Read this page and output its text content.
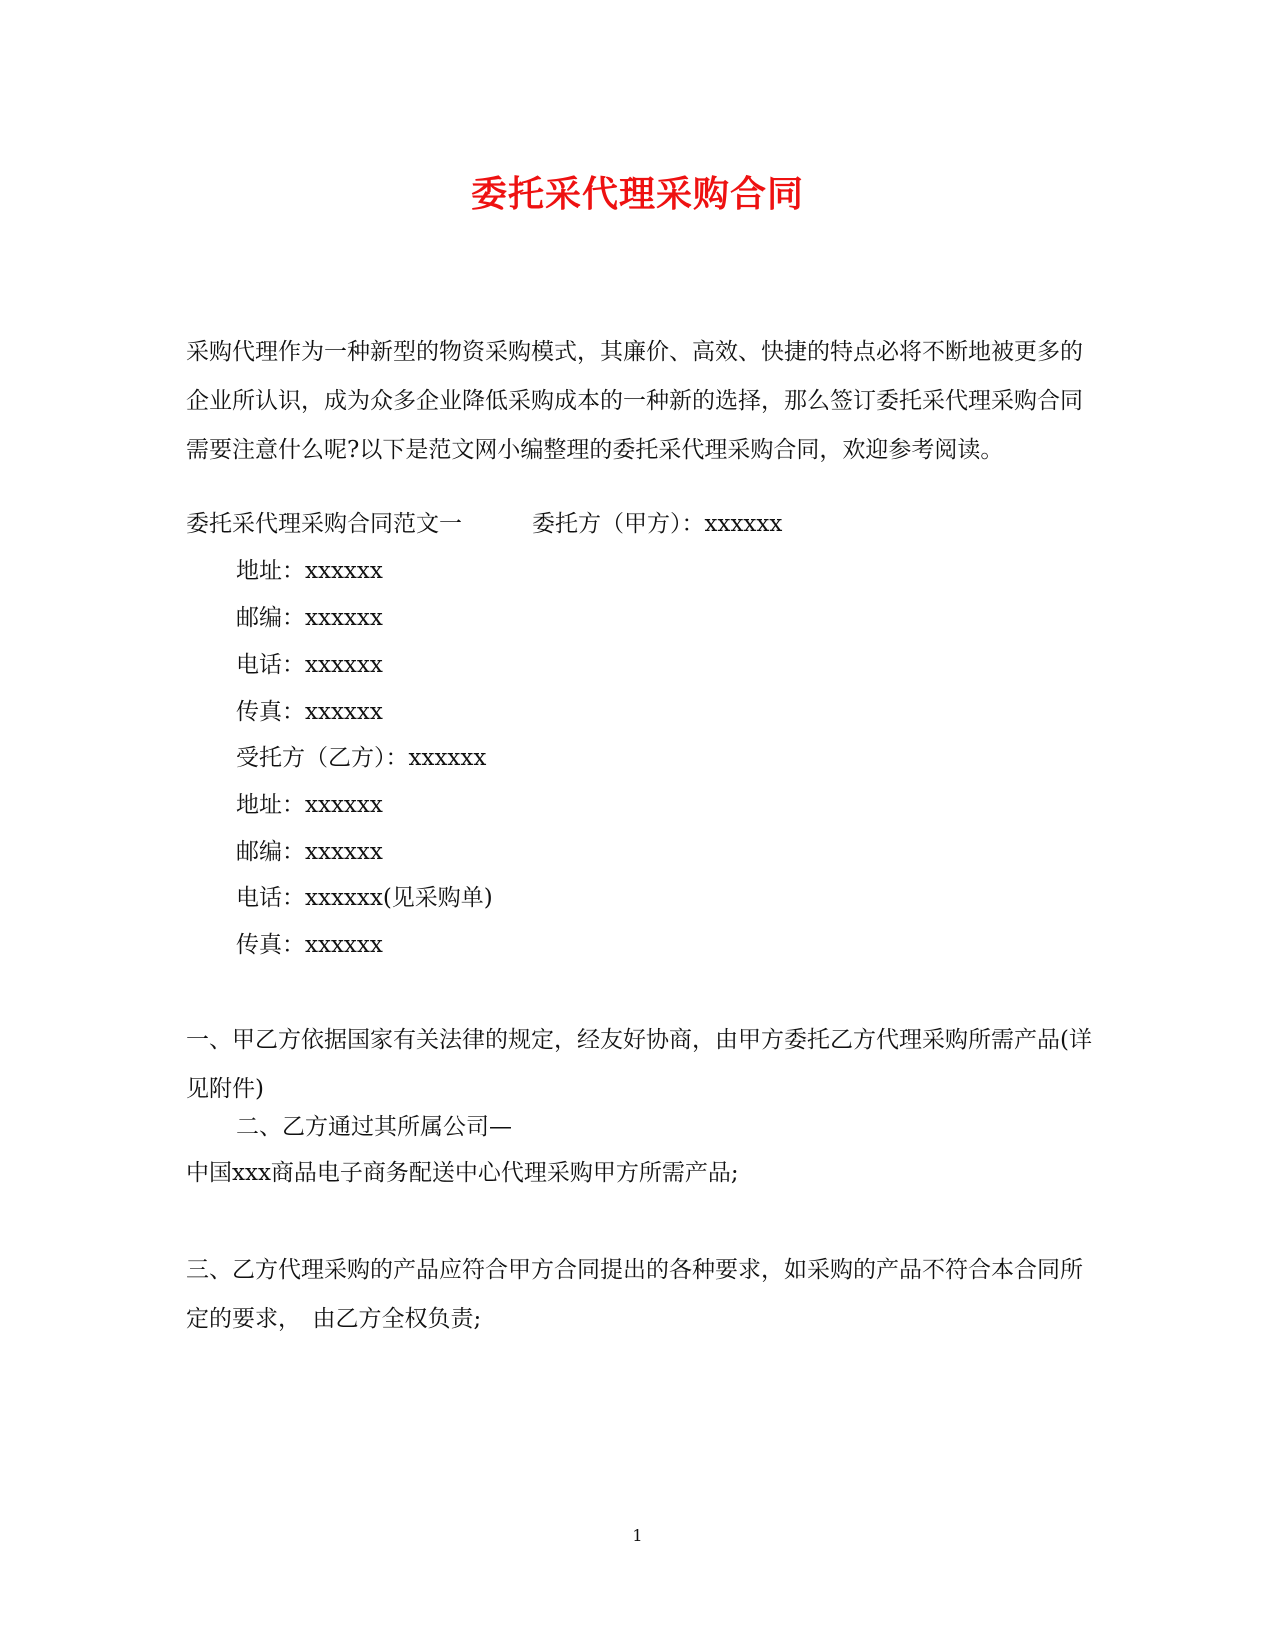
委托采代理采购合同
采购代理作为一种新型的物资采购模式，其廉价、高效、快捷的特点必将不断地被更多的企业所认识，成为众多企业降低采购成本的一种新的选择，那么签订委托采代理采购合同需要注意什么呢?以下是范文网小编整理的委托采代理采购合同，欢迎参考阅读。
委托采代理采购合同范文一	委托方（甲方）：xxxxxx
地址：xxxxxx
邮编：xxxxxx
电话：xxxxxx
传真：xxxxxx
受托方（乙方）：xxxxxx
地址：xxxxxx
邮编：xxxxxx
电话：xxxxxx(见采购单)
传真：xxxxxx
一、甲乙方依据国家有关法律的规定，经友好协商，由甲方委托乙方代理采购所需产品(详见附件)
二、乙方通过其所属公司—
中国xxx商品电子商务配送中心代理采购甲方所需产品;
三、乙方代理采购的产品应符合甲方合同提出的各种要求，如采购的产品不符合本合同所定的要求，　由乙方全权负责;
1
